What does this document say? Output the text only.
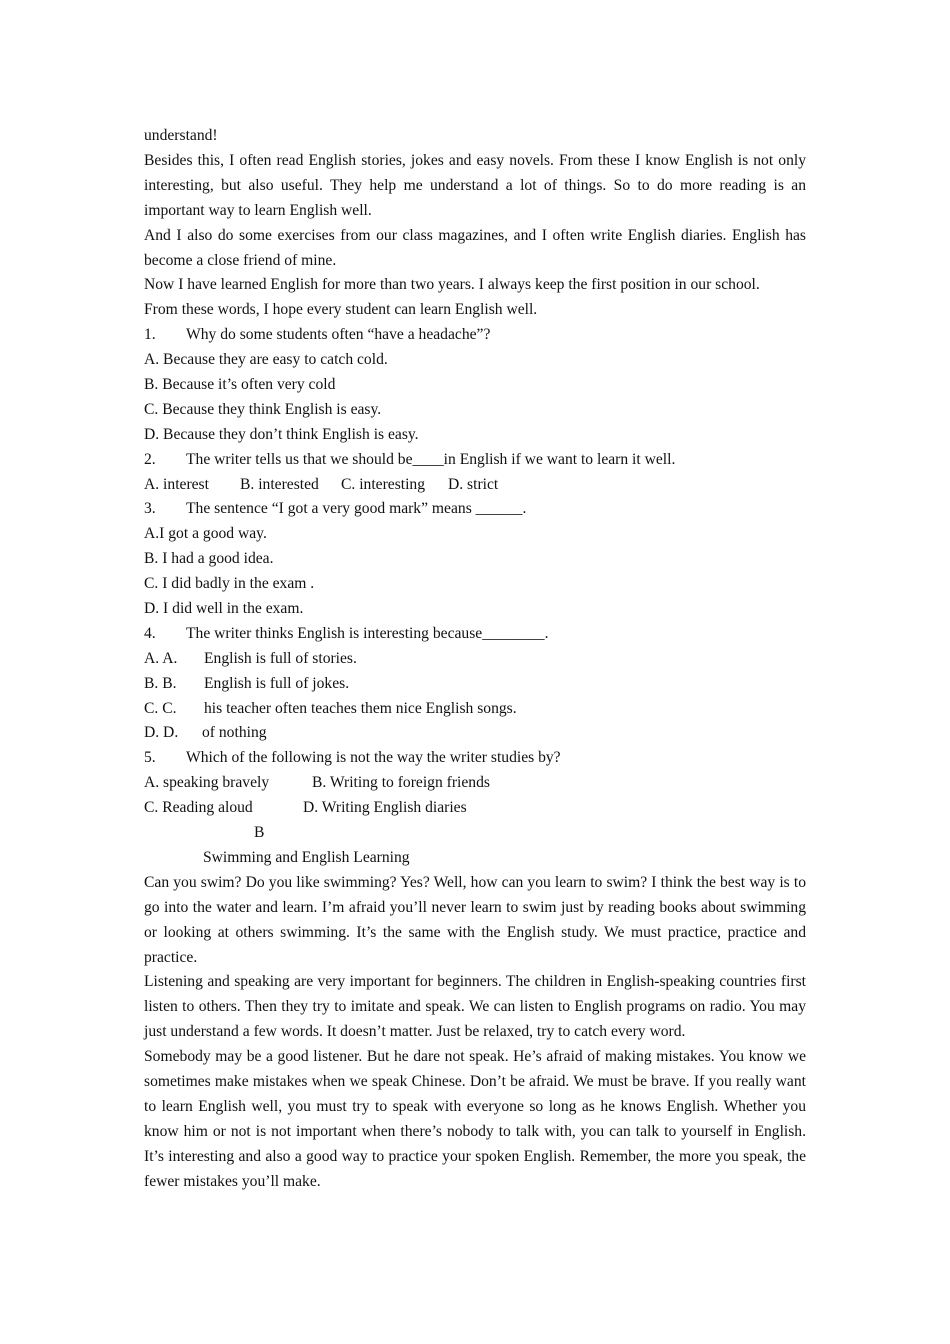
understand!
Besides this, I often read English stories, jokes and easy novels. From these I know English is not only interesting, but also useful. They help me understand a lot of things. So to do more reading is an important way to learn English well.
And I also do some exercises from our class magazines, and I often write English diaries. English has become a close friend of mine.
Now I have learned English for more than two years. I always keep the first position in our school.
From these words, I hope every student can learn English well.
1. Why do some students often “have a headache”?
A. Because they are easy to catch cold.
B. Because it’s often very cold
C. Because they think English is easy.
D. Because they don’t think English is easy.
2. The writer tells us that we should be____in English if we want to learn it well.
A. interest B. interested C. interesting D. strict
3. The sentence “I got a very good mark” means ______.
A.I got a good way.
B. I had a good idea.
C. I did badly in the exam .
D. I did well in the exam.
4. The writer thinks English is interesting because________.
A. A. English is full of stories.
B. B. English is full of jokes.
C. C. his teacher often teaches them nice English songs.
D. D. of nothing
5. Which of the following is not the way the writer studies by?
A. speaking bravely	B. Writing to foreign friends
C. Reading aloud	D. Writing English diaries
B
Swimming and English Learning
Can you swim? Do you like swimming? Yes? Well, how can you learn to swim? I think the best way is to go into the water and learn. I’m afraid you’ll never learn to swim just by reading books about swimming or looking at others swimming. It’s the same with the English study. We must practice, practice and practice.
Listening and speaking are very important for beginners. The children in English-speaking countries first listen to others. Then they try to imitate and speak. We can listen to English programs on radio. You may just understand a few words. It doesn’t matter. Just be relaxed, try to catch every word.
Somebody may be a good listener. But he dare not speak. He’s afraid of making mistakes. You know we sometimes make mistakes when we speak Chinese. Don’t be afraid. We must be brave. If you really want to learn English well, you must try to speak with everyone so long as he knows English. Whether you know him or not is not important when there’s nobody to talk with, you can talk to yourself in English. It’s interesting and also a good way to practice your spoken English. Remember, the more you speak, the fewer mistakes you’ll make.
